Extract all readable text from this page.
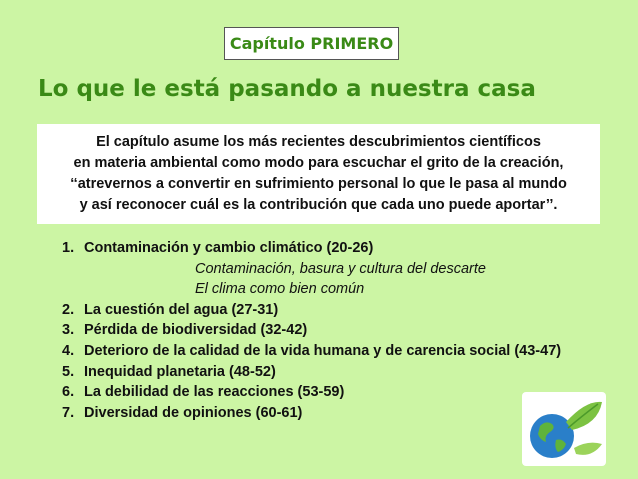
Capítulo PRIMERO
Lo que le está pasando a nuestra casa
El capítulo asume los más recientes descubrimientos científicos
en materia ambiental como modo para escuchar el grito de la creación,
‘‘atrevernos a convertir en sufrimiento personal lo que le pasa al mundo
y así reconocer cuál es la contribución que cada uno puede aportar’’.
1. Contaminación y cambio climático (20-26)
Contaminación, basura y cultura del descarte
El clima como bien común
2. La cuestión del agua (27-31)
3. Pérdida de biodiversidad (32-42)
4. Deterioro de la calidad de la vida humana y de carencia social (43-47)
5. Inequidad planetaria (48-52)
6. La debilidad de las reacciones (53-59)
7. Diversidad de opiniones (60-61)
